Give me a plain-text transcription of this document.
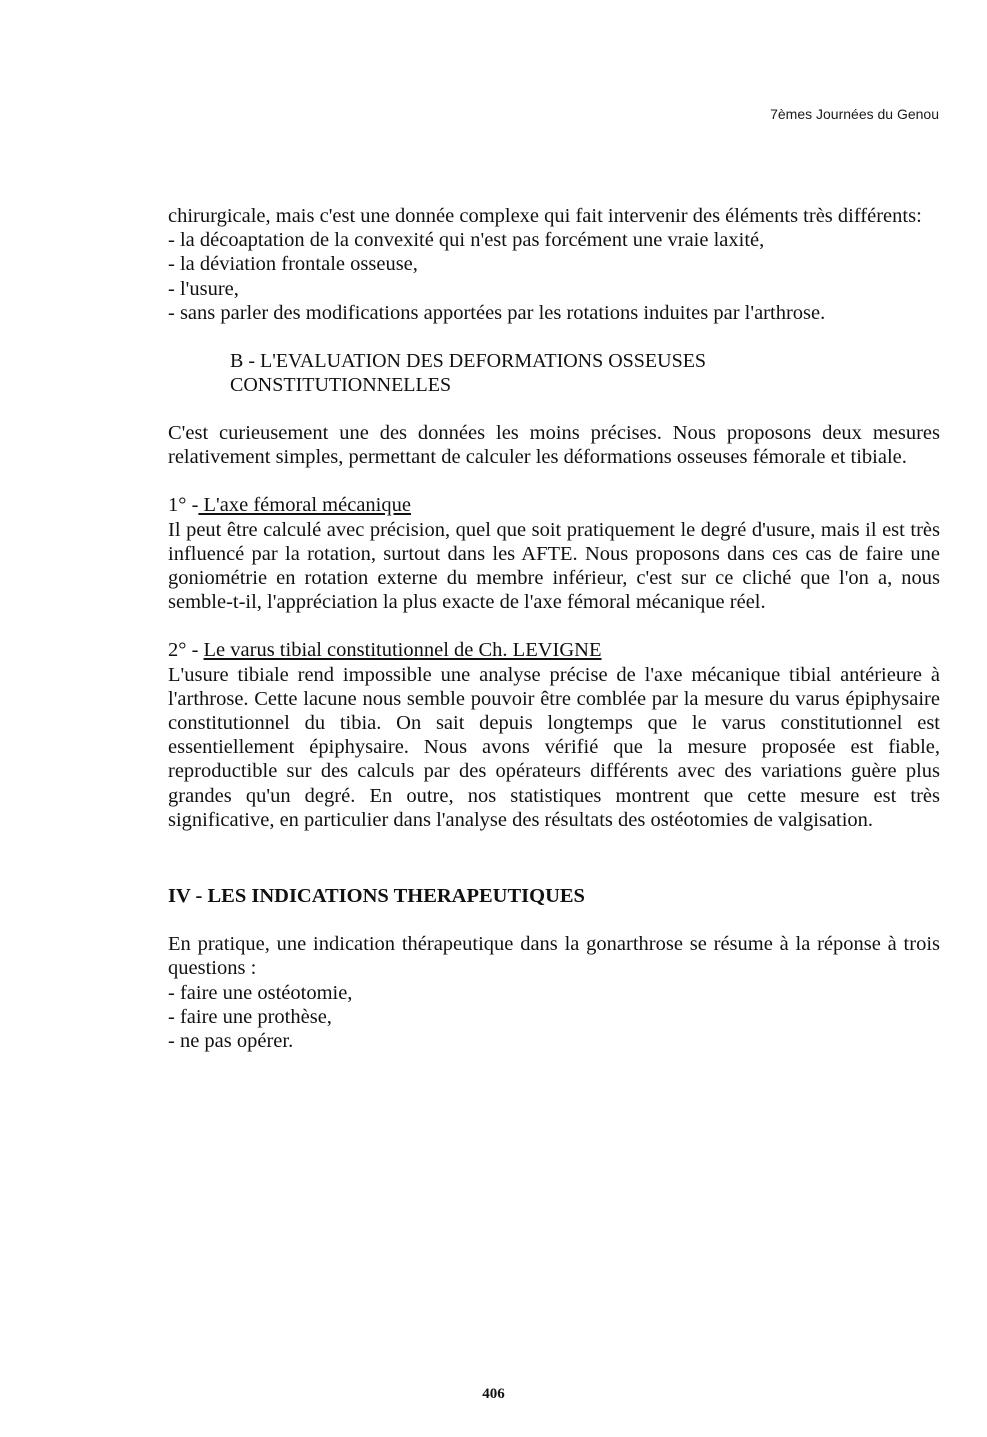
7èmes Journées du Genou

chirurgicale, mais c'est une donnée complexe qui fait intervenir des éléments très différents:

- la décoaptation de la convexité qui n'est pas forcément une vraie laxité,
- la déviation frontale osseuse,
- l'usure,
- sans parler des modifications apportées par les rotations induites par l'arthrose.
B - L'EVALUATION DES DEFORMATIONS OSSEUSES
CONSTITUTIONNELLES

C'est curieusement une des données les moins précises. Nous proposons deux mesures relativement simples, permettant de calculer les déformations osseuses fémorale et tibiale.

1° - L'axe fémoral mécanique

Il peut être calculé avec précision, quel que soit pratiquement le degré d'usure, mais il est très influencé par la rotation, surtout dans les AFTE. Nous proposons dans ces cas de faire une goniométrie en rotation externe du membre inférieur, c'est sur ce cliché que l'on a, nous semble-t-il, l'appréciation la plus exacte de l'axe fémoral mécanique réel.

2° - Le varus tibial constitutionnel de Ch. LEVIGNE

L'usure tibiale rend impossible une analyse précise de l'axe mécanique tibial antérieure à l'arthrose. Cette lacune nous semble pouvoir être comblée par la mesure du varus épiphysaire constitutionnel du tibia. On sait depuis longtemps que le varus constitutionnel est essentiellement épiphysaire. Nous avons vérifié que la mesure proposée est fiable, reproductible sur des calculs par des opérateurs différents avec des variations guère plus grandes qu'un degré. En outre, nos statistiques montrent que cette mesure est très significative, en particulier dans l'analyse des résultats des ostéotomies de valgisation.

IV - LES INDICATIONS THERAPEUTIQUES

En pratique, une indication thérapeutique dans la gonarthrose se résume à la réponse à trois questions :

- faire une ostéotomie,
- faire une prothèse,
- ne pas opérer.
406
